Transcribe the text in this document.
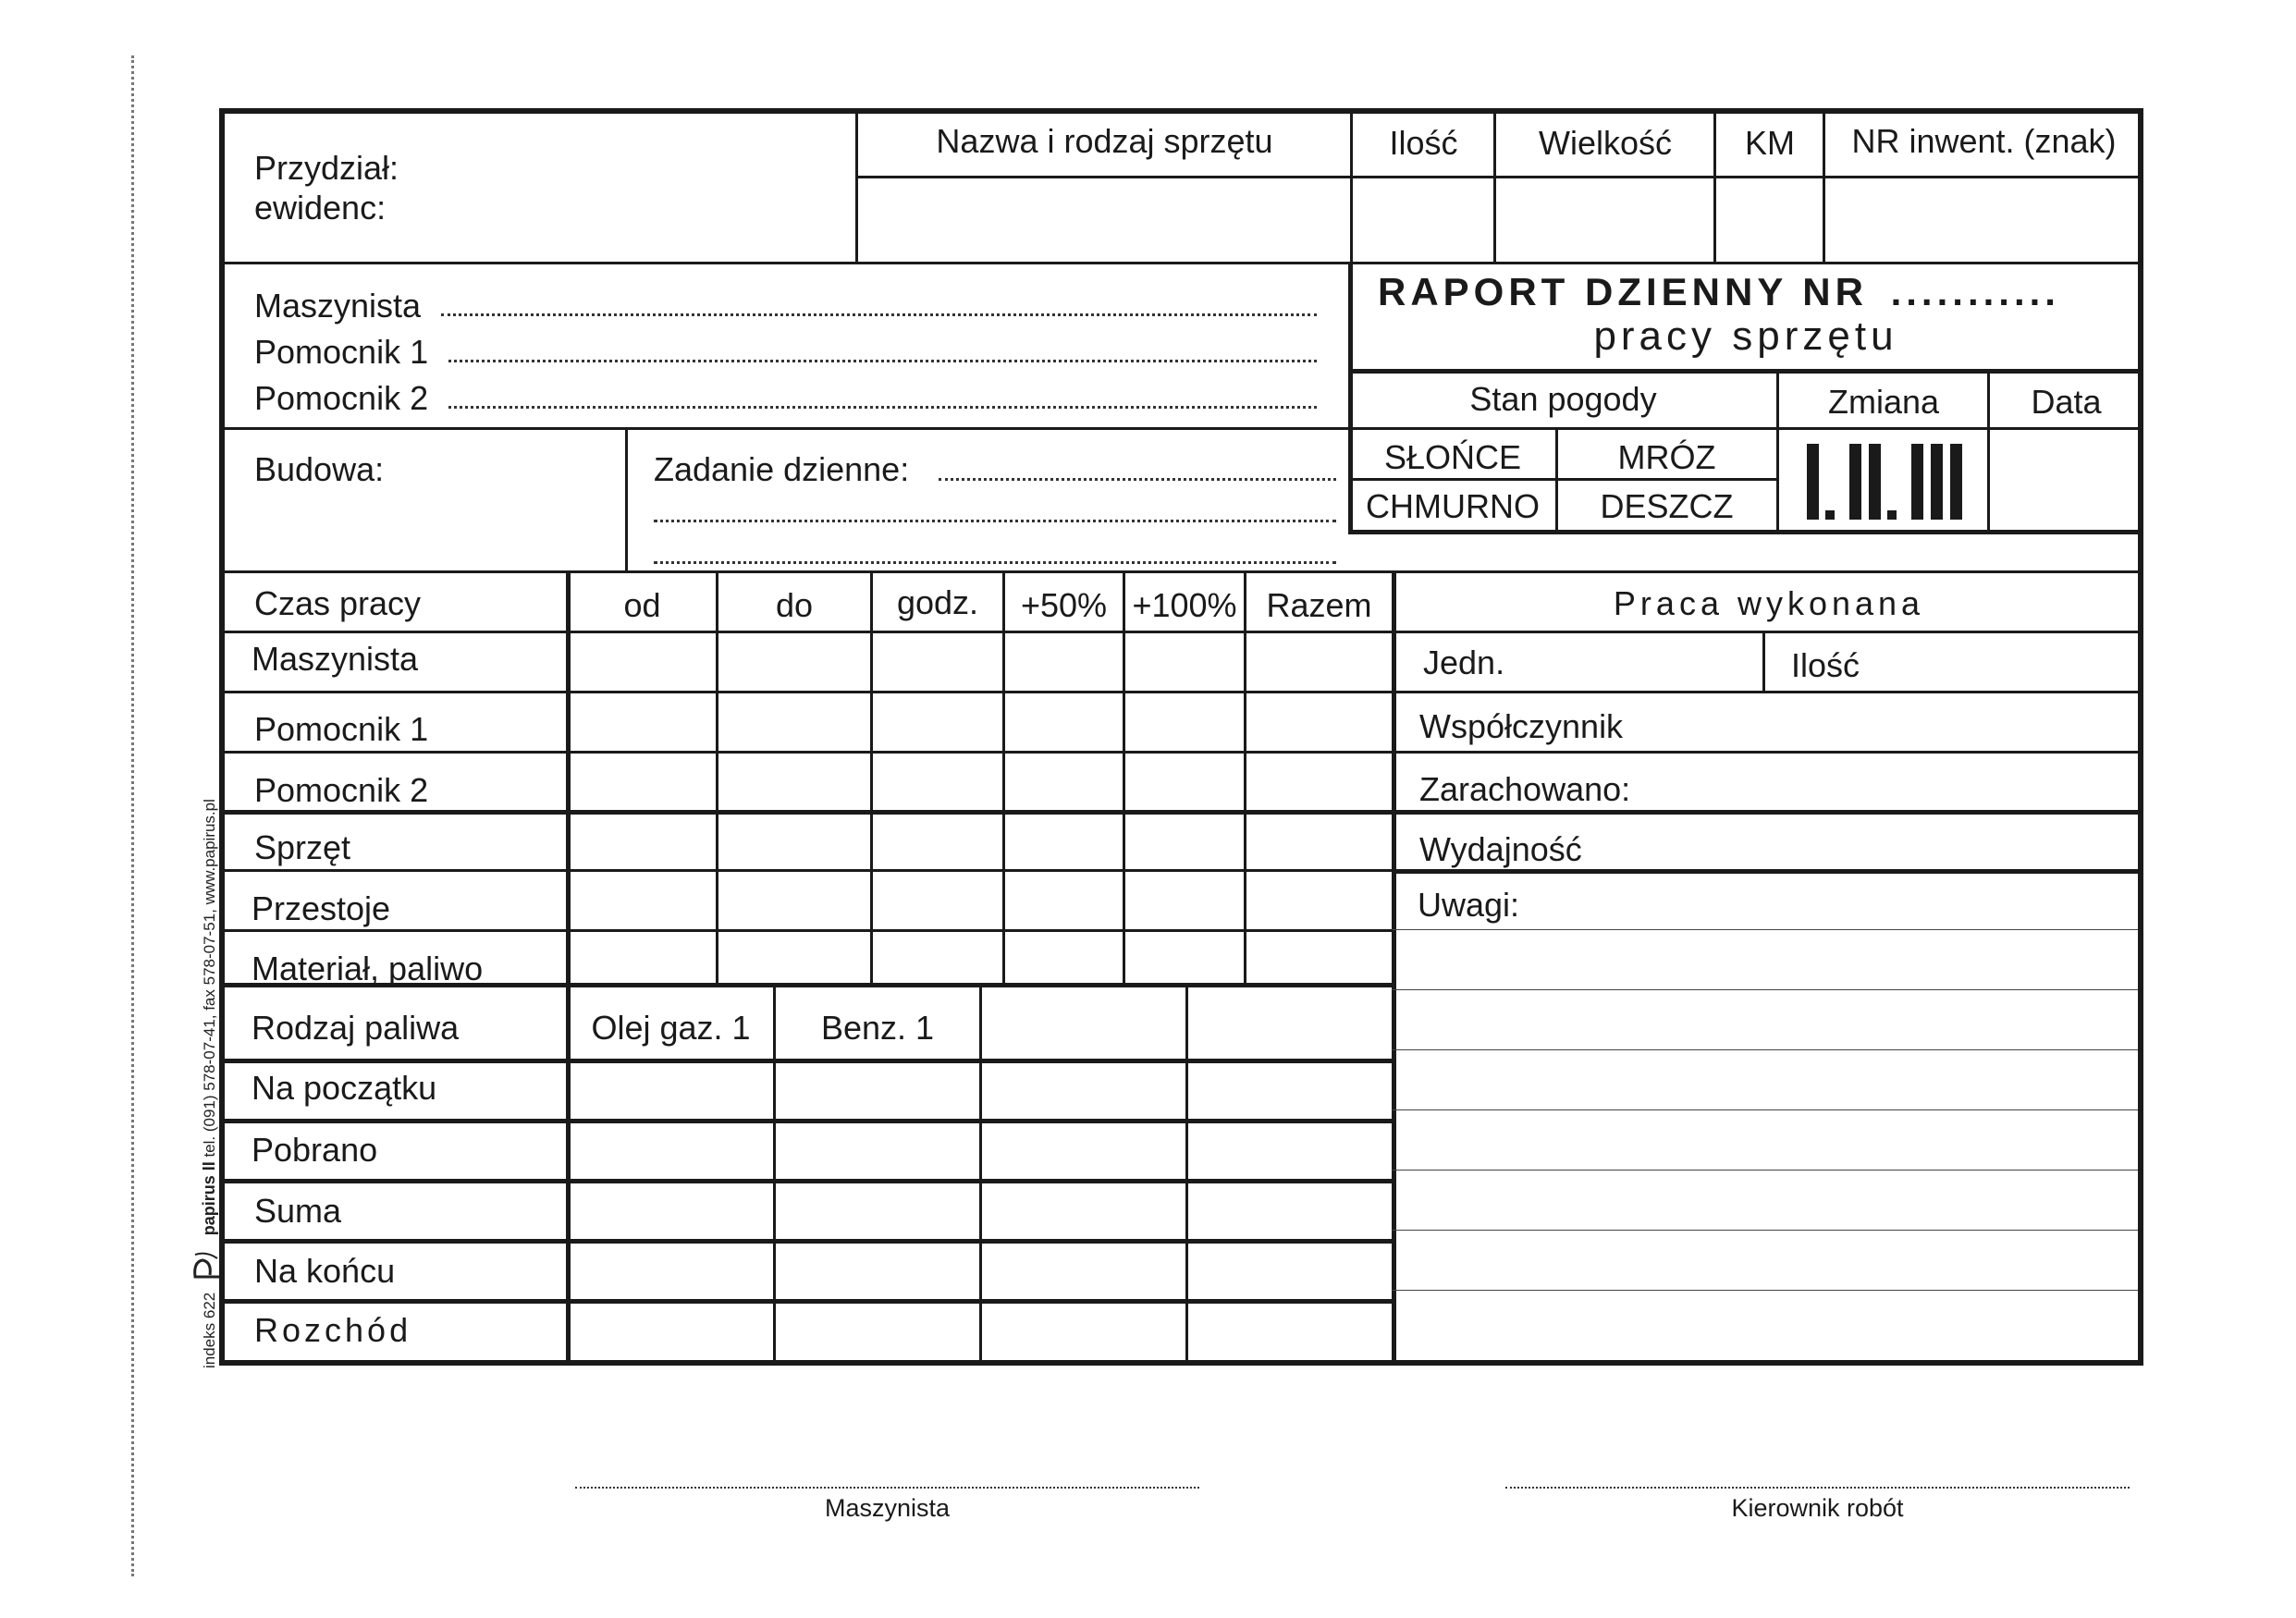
indeks 622  papirus II tel. (091) 578-07-41, fax 578-07-51, www.papirus.pl
Przydział:
ewidenc:
Nazwa i rodzaj sprzętu	Ilość	Wielkość	KM	NR inwent. (znak)
Maszynista
Pomocnik 1
Pomocnik 2
RAPORT DZIENNY NR ...........
pracy sprzętu
Stan pogody	Zmiana	Data
SŁOŃCE	MRÓZ
CHMURNO	DESZCZ
Budowa:	Zadanie dzienne:
Czas pracy	od	do	godz.	+50% +100% Razem
Maszynista
Pomocnik 1
Pomocnik 2
Sprzęt
Przestoje
Materiał, paliwo
Rodzaj paliwa	Olej gaz. 1	Benz. 1
Na początku
Pobrano
Suma
Na końcu
Rozchód
Praca wykonana
Jedn.	Ilość
Współczynnik
Zarachowano:
Wydajność
Uwagi:
Maszynista	Kierownik robót
